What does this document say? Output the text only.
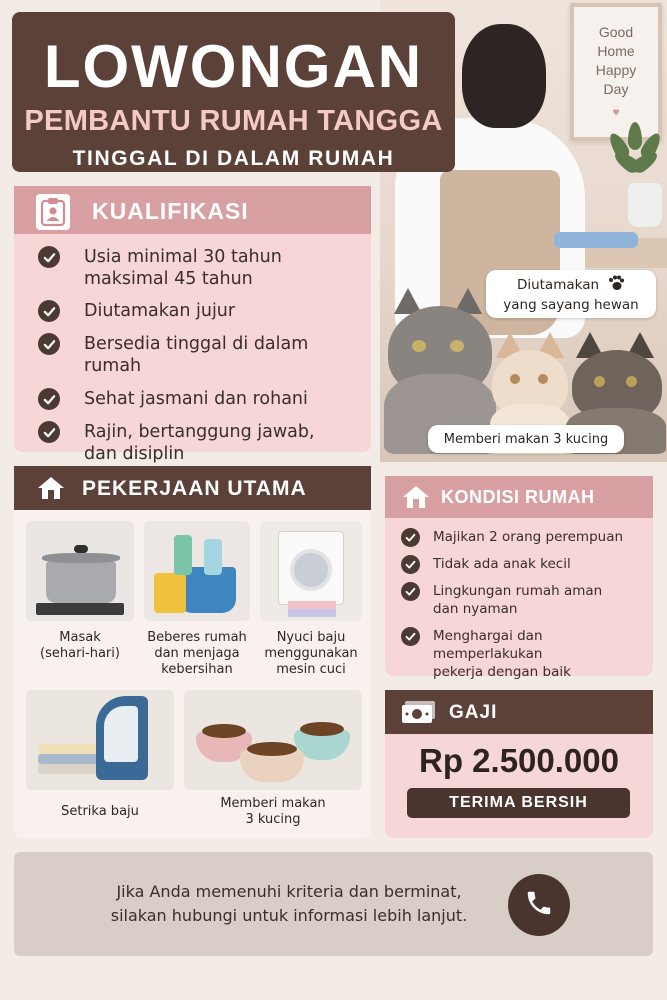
Good
Home
Happy
Day
♥
Diutamakan
yang sayang hewan
Memberi makan 3 kucing
LOWONGAN
PEMBANTU RUMAH TANGGA
TINGGAL DI DALAM RUMAH
KUALIFIKASI
Usia minimal 30 tahun
maksimal 45 tahun
Diutamakan jujur
Bersedia tinggal di dalam rumah
Sehat jasmani dan rohani
Rajin, bertanggung jawab,
dan disiplin
PEKERJAAN UTAMA
Masak
(sehari-hari)
Beberes rumah
dan menjaga
kebersihan
Nyuci baju
menggunakan
mesin cuci
Setrika baju
Memberi makan
3 kucing
KONDISI RUMAH
Majikan 2 orang perempuan
Tidak ada anak kecil
Lingkungan rumah aman
dan nyaman
Menghargai dan memperlakukan
pekerja dengan baik
GAJI
Rp 2.500.000
TERIMA BERSIH
Jika Anda memenuhi kriteria dan berminat,
silakan hubungi untuk informasi lebih lanjut.
